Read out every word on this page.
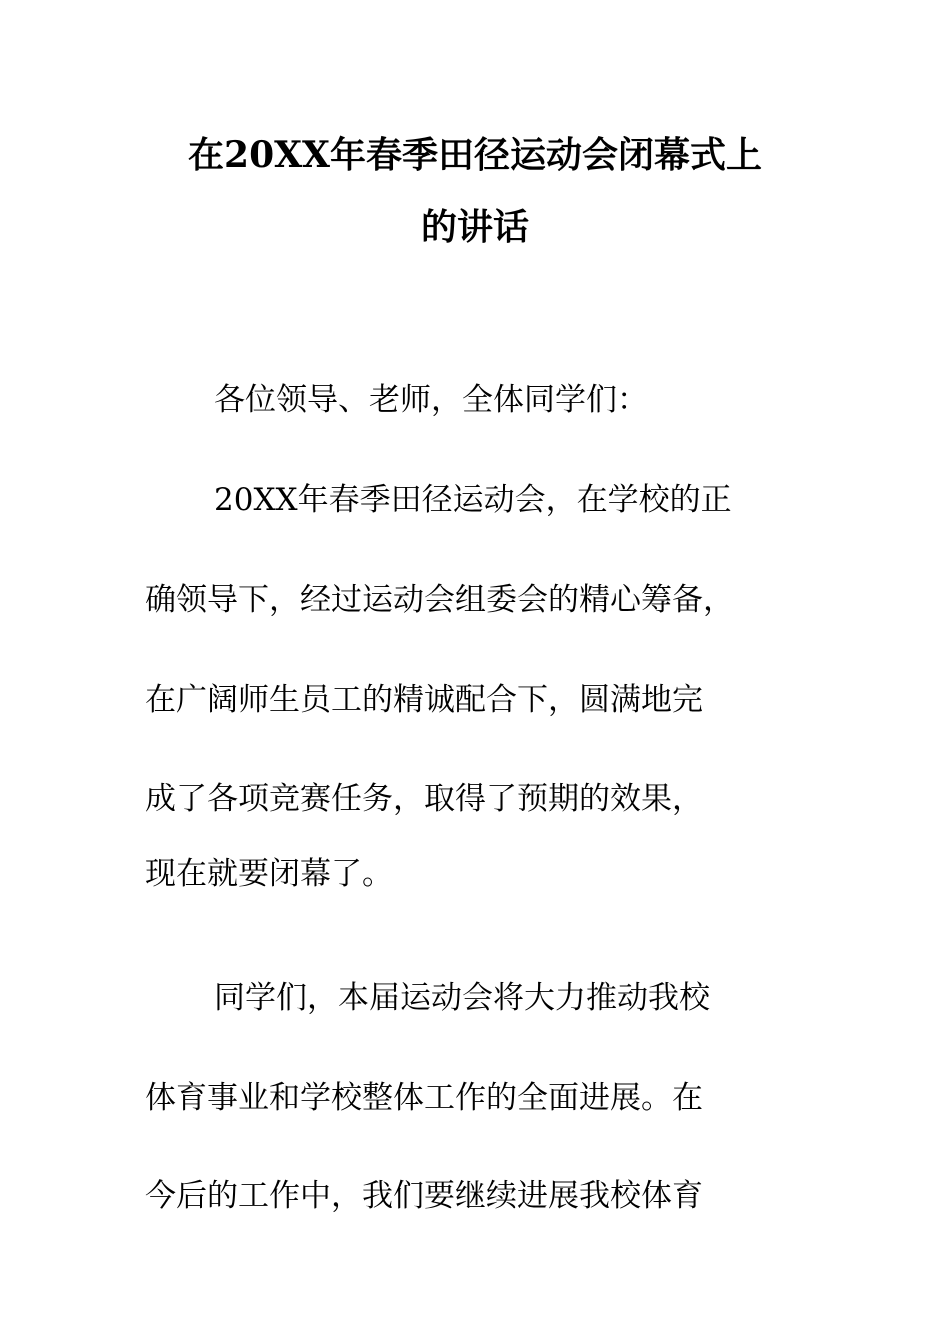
在20XX年春季田径运动会闭幕式上
的讲话
各位领导、老师，全体同学们：
20XX年春季田径运动会，在学校的正
确领导下，经过运动会组委会的精心筹备，
在广阔师生员工的精诚配合下，圆满地完
成了各项竞赛任务，取得了预期的效果，
现在就要闭幕了。
同学们，本届运动会将大力推动我校
体育事业和学校整体工作的全面进展。在
今后的工作中，我们要继续进展我校体育
